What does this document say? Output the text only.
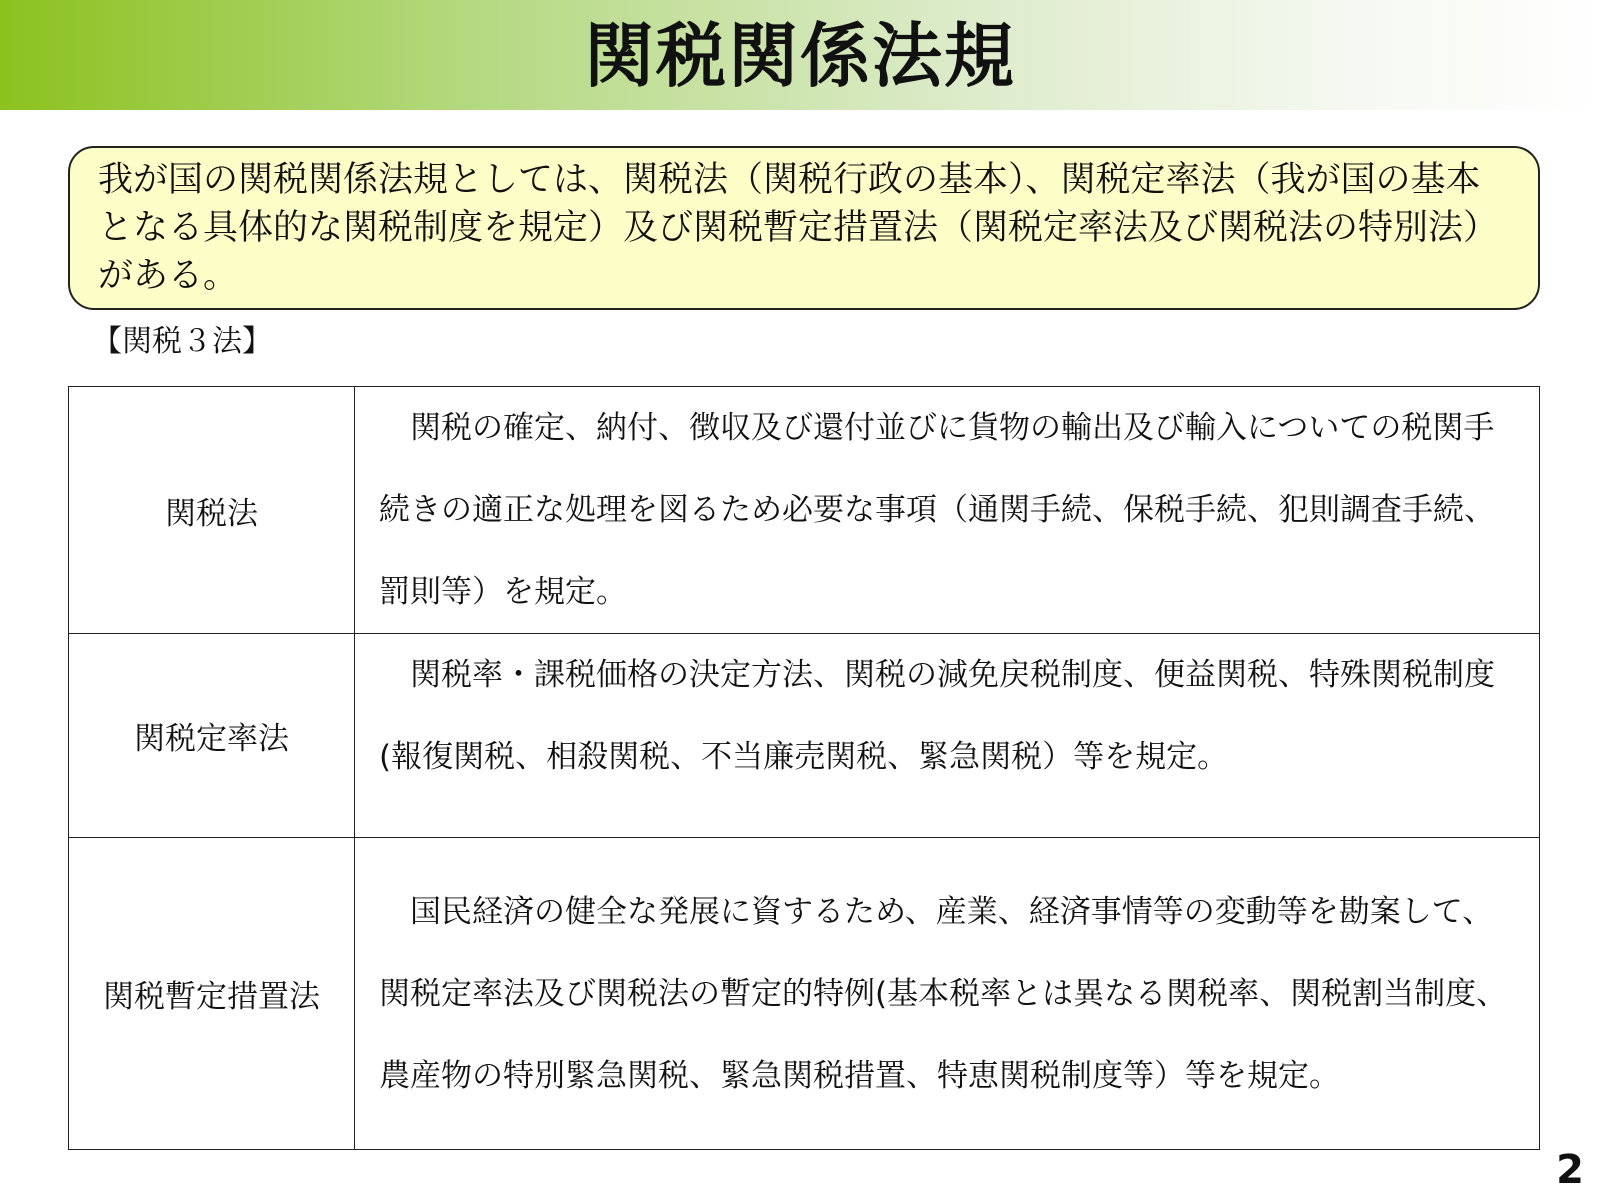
関税関係法規
我が国の関税関係法規としては、関税法（関税行政の基本）、関税定率法（我が国の基本となる具体的な関税制度を規定）及び関税暫定措置法（関税定率法及び関税法の特別法）がある。
【関税３法】
関税法	関税の確定、納付、徴収及び還付並びに貨物の輸出及び輸入についての税関手続きの適正な処理を図るため必要な事項（通関手続、保税手続、犯則調査手続、罰則等）を規定。

関税定率法	関税率・課税価格の決定方法、関税の減免戻税制度、便益関税、特殊関税制度(報復関税、相殺関税、不当廉売関税、緊急関税）等を規定。

関税暫定措置法	国民経済の健全な発展に資するため、産業、経済事情等の変動等を勘案して、関税定率法及び関税法の暫定的特例(基本税率とは異なる関税率、関税割当制度、農産物の特別緊急関税、緊急関税措置、特恵関税制度等）等を規定。
2
